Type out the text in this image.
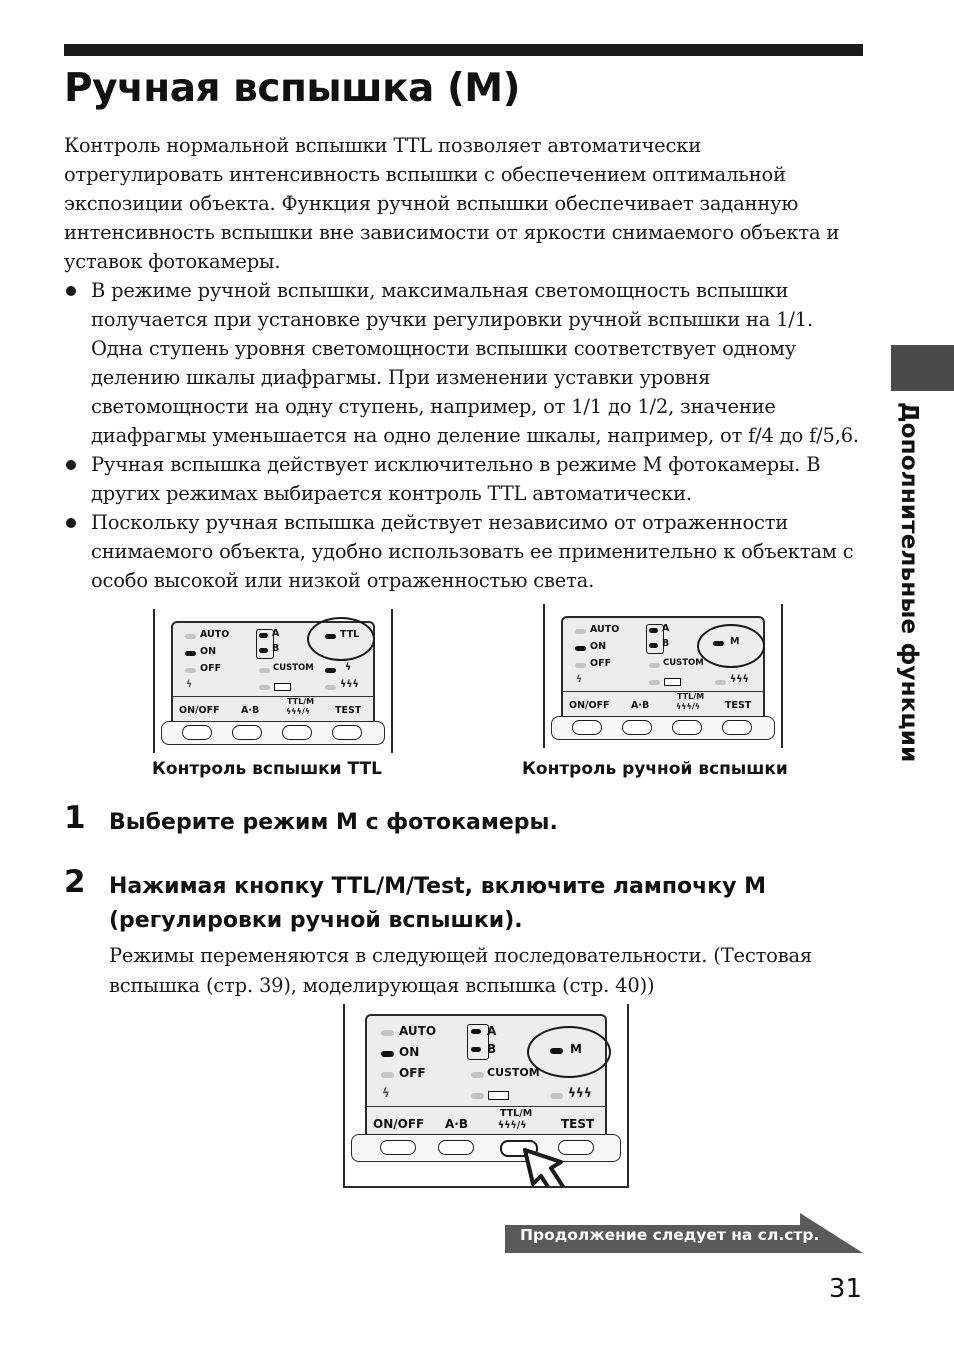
Ручная вспышка (M)

Контроль нормальной вспышки TTL позволяет автоматически отрегулировать интенсивность вспышки с обеспечением оптимальной экспозиции объекта. Функция ручной вспышки обеспечивает заданную интенсивность вспышки вне зависимости от яркости снимаемого объекта и уставок фотокамеры.

В режиме ручной вспышки, максимальная светомощность вспышки получается при установке ручки регулировки ручной вспышки на 1/1. Одна ступень уровня светомощности вспышки соответствует одному делению шкалы диафрагмы. При изменении уставки уровня светомощности на одну ступень, например, от 1/1 до 1/2, значение диафрагмы уменьшается на одно деление шкалы, например, от f/4 до f/5,6.
Ручная вспышка действует исключительно в режиме M фотокамеры. В других режимах выбирается контроль TTL автоматически.
Поскольку ручная вспышка действует независимо от отраженности снимаемого объекта, удобно использовать ее применительно к объектам с особо высокой или низкой отраженностью света.	Дополнительные функции
AUTO
ON
OFF
ϟ
A
B
CUSTOM
TTL
ϟ
ϟϟϟ
ON/OFF A·B
TTL/M
ϟϟϟ/ϟ	TEST
Контроль вспышки TTL
AUTO
ON
OFF
ϟ
A
B
CUSTOM
M
ϟϟϟ
ON/OFF A·B
TTL/M
ϟϟϟ/ϟ	TEST
Контроль ручной вспышки
1 Выберите режим M с фотокамеры.
2 Нажимая кнопку TTL/M/Test, включите лампочку M (регулировки ручной вспышки).
Режимы переменяются в следующей последовательности. (Тестовая вспышка (стр. 39), моделирующая вспышка (стр. 40))
AUTO
ON
OFF
ϟ
A
B
CUSTOM
M
ϟϟϟ
ON/OFF A·B
TTL/M
ϟϟϟ/ϟ	TEST
Продолжение следует на сл.стр.
31
